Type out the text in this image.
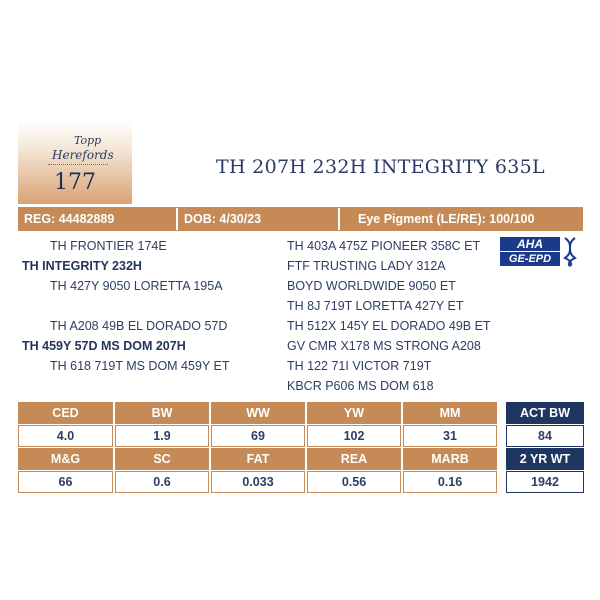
Topp
Herefords
177
TH 207H 232H INTEGRITY 635L
REG: 44482889	DOB: 4/30/23	Eye Pigment (LE/RE): 100/100
TH FRONTIER 174E
TH INTEGRITY 232H
TH 427Y 9050 LORETTA 195A
TH A208 49B EL DORADO 57D
TH 459Y 57D MS DOM 207H
TH 618 719T MS DOM 459Y ET
TH 403A 475Z PIONEER 358C ET
FTF TRUSTING LADY 312A
BOYD WORLDWIDE 9050 ET
TH 8J 719T LORETTA 427Y ET
TH 512X 145Y EL DORADO 49B ET
GV CMR X178 MS STRONG A208
TH 122 71I VICTOR 719T
KBCR P606 MS DOM 618
AHA
GE-EPD
CED	BW	WW	YW	MM
4.0	1.9	69	102	31
M&G	SC	FAT	REA	MARB
66	0.6	0.033	0.56	0.16
ACT BW
84
2 YR WT
1942
